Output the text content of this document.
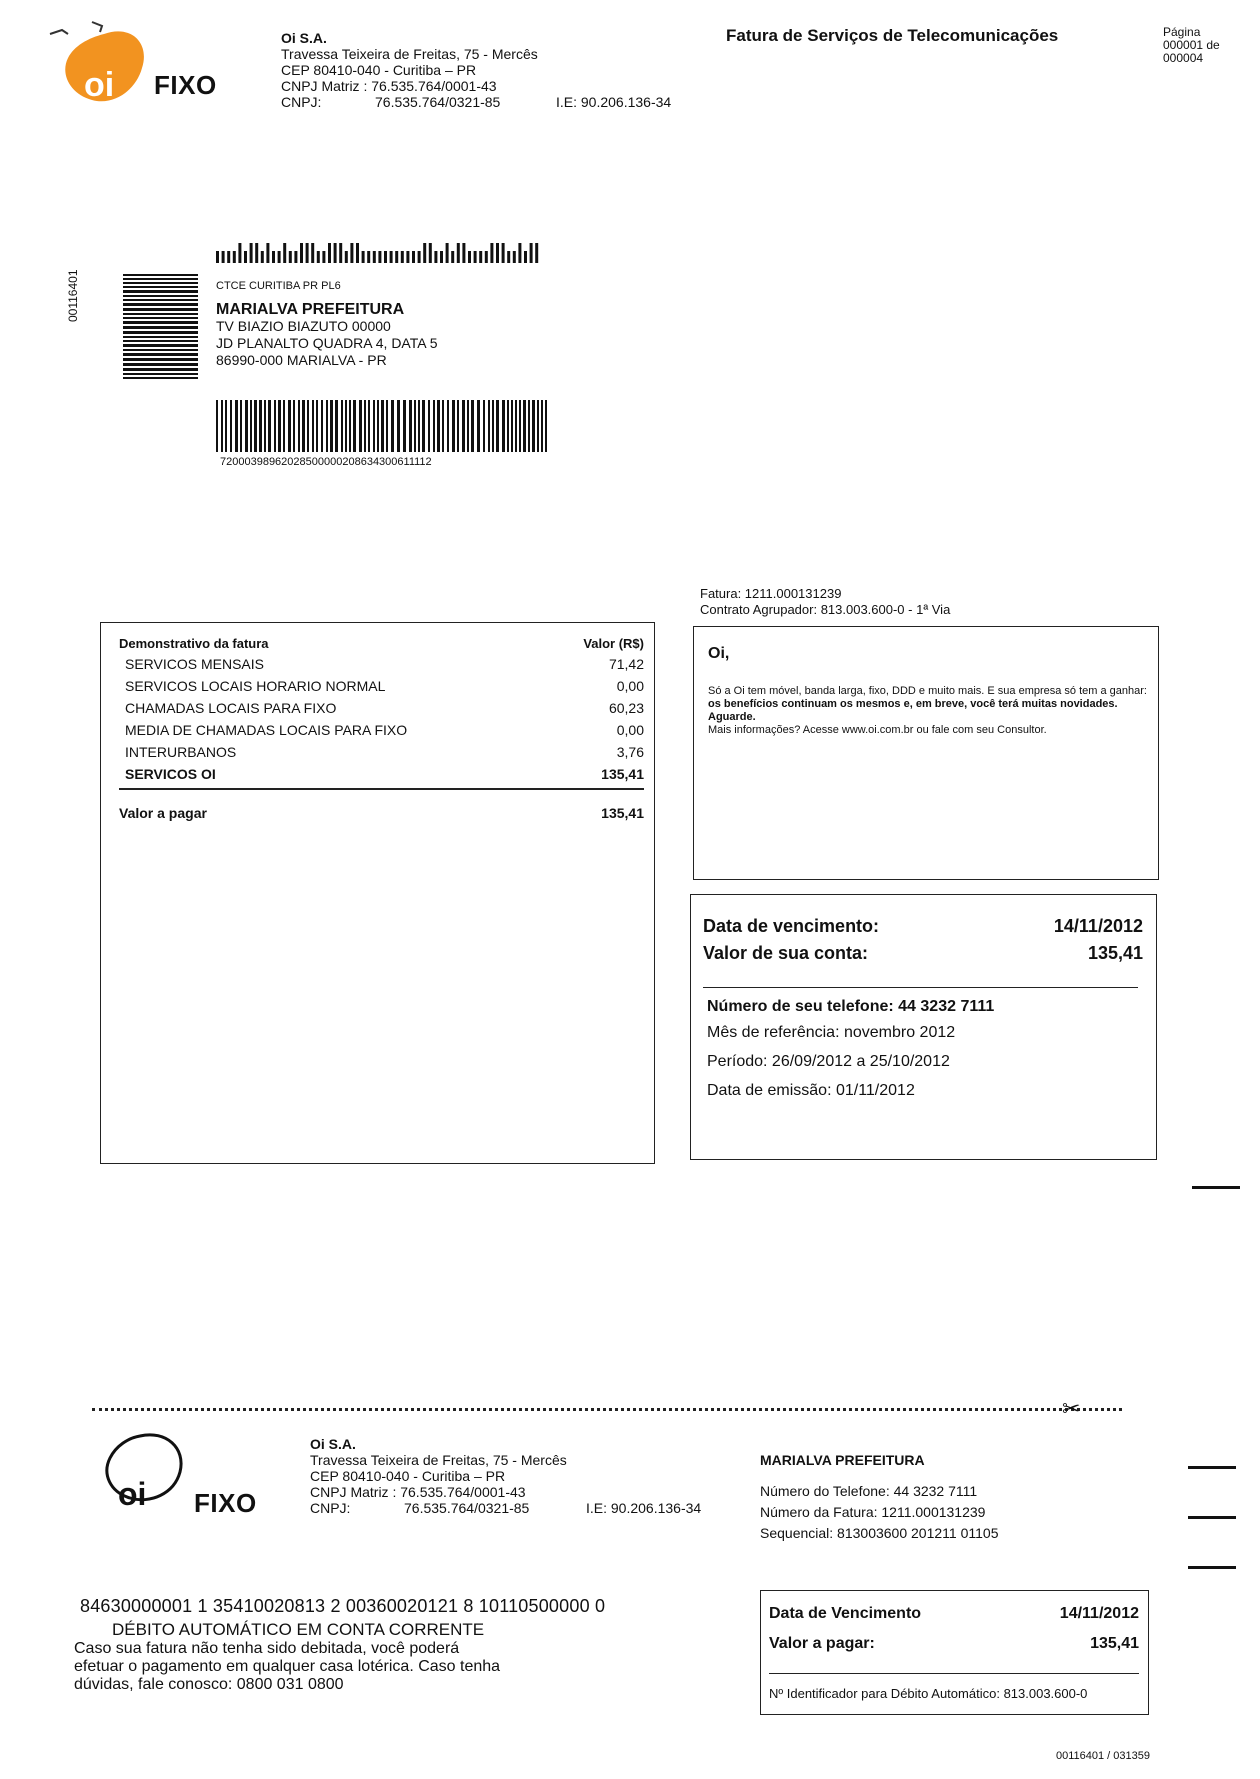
oi FIXO
Oi S.A.
Travessa Teixeira de Freitas, 75 - Mercês
CEP 80410-040 - Curitiba – PR
CNPJ Matriz : 76.535.764/0001-43
CNPJ:	76.535.764/0321-85	I.E: 90.206.136-34
Fatura de Serviços de Telecomunicações	Página
000001 de
000004
00116401	CTCE CURITIBA PR PL6
MARIALVA PREFEITURA
TV BIAZIO BIAZUTO 00000
JD PLANALTO QUADRA 4, DATA 5
86990-000 MARIALVA - PR
72000398962028500000208634300611112
Fatura: 1211.000131239
Contrato Agrupador: 813.003.600-0 - 1ª Via
Demonstrativo da fatura	Valor (R$)
SERVICOS MENSAIS	71,42
SERVICOS LOCAIS HORARIO NORMAL	0,00
CHAMADAS LOCAIS PARA FIXO	60,23
MEDIA DE CHAMADAS LOCAIS PARA FIXO	0,00
INTERURBANOS	3,76
SERVICOS OI	135,41
Valor a pagar	135,41
Oi,
Só a Oi tem móvel, banda larga, fixo, DDD e muito mais. E sua empresa só tem a ganhar: os benefícios continuam os mesmos e, em breve, você terá muitas novidades. Aguarde.
Mais informações? Acesse www.oi.com.br ou fale com seu Consultor.
Data de vencimento:	14/11/2012
Valor de sua conta:	135,41
Número de seu telefone: 44 3232 7111
Mês de referência: novembro 2012
Período: 26/09/2012 a 25/10/2012
Data de emissão: 01/11/2012
✂
oi FIXO
Oi S.A.
Travessa Teixeira de Freitas, 75 - Mercês
CEP 80410-040 - Curitiba – PR
CNPJ Matriz : 76.535.764/0001-43
CNPJ:	76.535.764/0321-85	I.E: 90.206.136-34
MARIALVA PREFEITURA
Número do Telefone: 44 3232 7111
Número da Fatura: 1211.000131239
Sequencial: 813003600 201211 01105
84630000001 1 35410020813 2 00360020121 8 10110500000 0
DÉBITO AUTOMÁTICO EM CONTA CORRENTE
Caso sua fatura não tenha sido debitada, você poderá
efetuar o pagamento em qualquer casa lotérica. Caso tenha
dúvidas, fale conosco: 0800 031 0800
Data de Vencimento	14/11/2012
Valor a pagar:	135,41
Nº Identificador para Débito Automático: 813.003.600-0
00116401 / 031359
